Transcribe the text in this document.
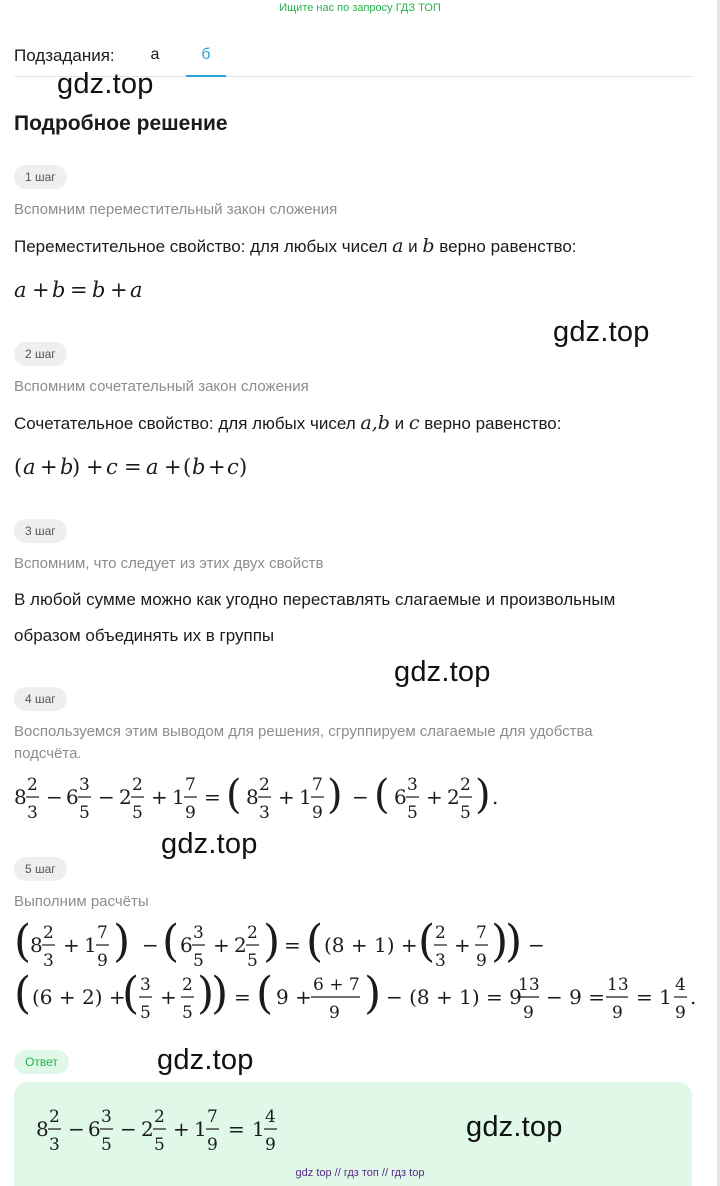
Ищите нас по запросу ГДЗ ТОП
Подзадания:	а	б
gdz.top
gdz.top
gdz.top
gdz.top
gdz.top
Подробное решение
1 шаг
Вспомним переместительный закон сложения
Переместительное свойство: для любых чисел a и b верно равенство:
a + b = b + a
2 шаг
Вспомним сочетательный закон сложения
Сочетательное свойство: для любых чисел a,b и c верно равенство:
( a + b
) + c = a + ( b + c )
3 шаг
Вспомним, что следует из этих двух свойств
В любой сумме можно как угодно переставлять слагаемые и произвольным
образом объединять их в группы
4 шаг
Воспользуемся этим выводом для решения, сгруппируем слагаемые для удобства
подсчёта.
8 2
3
− 6 3
5
− 2 2
5
+ 1 7
9
= ( 8 2
3
+ 1 7
9 ) − ( 6 3
5
+ 2 2
5 ) .
5 шаг
Выполним расчёты
(
8 2
3
+ 1 7
9 ) − ( 6 3
5
+ 2 2
5 ) = ( (8 + 1) + ( 2
3
+ 7
9 )
) −
( (6 + 2) +
( 3
5
+ 2
5 )
) = ( 9 + 6 + 7
9 ) − (8 + 1) = 9
13
9
− 9 = 13
9
= 1 4
9
.
Ответ
8 2
3
− 6 3
5
− 2 2
5
+ 1 7
9
= 1 4
9
gdz.top
gdz top // гдз топ // гдз top
